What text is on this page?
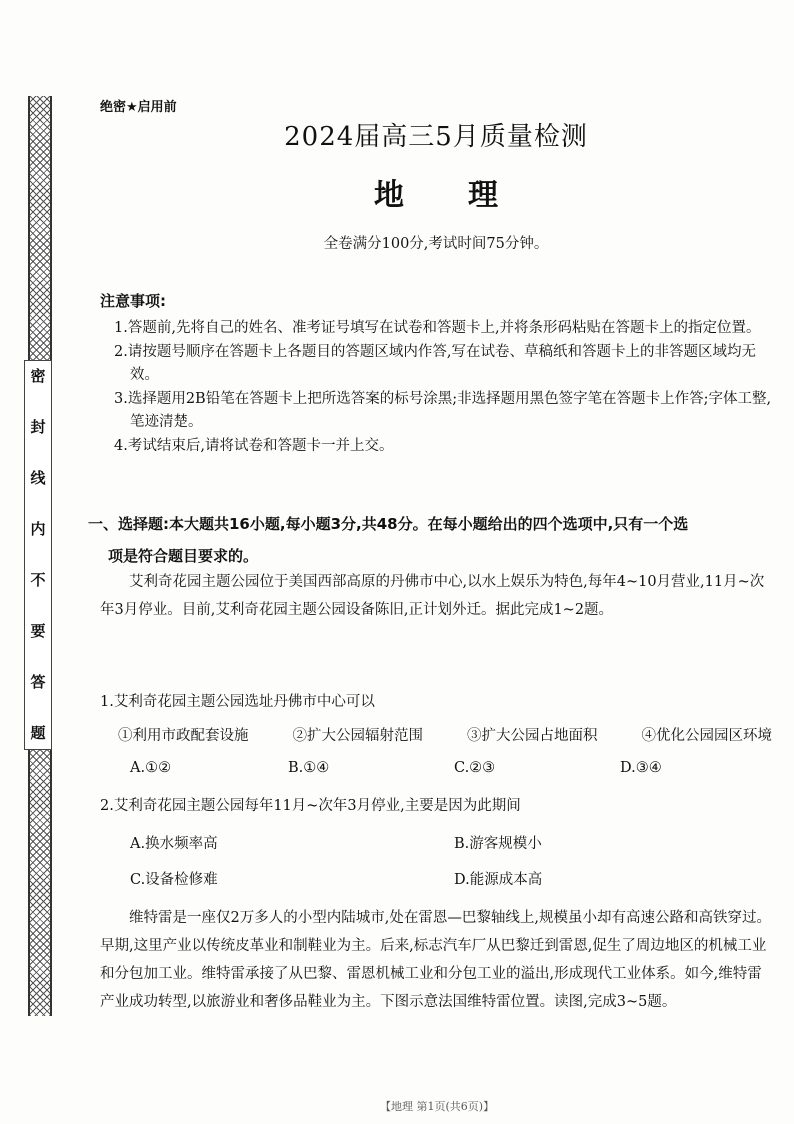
密
封
线
内
不
要
答
题
绝密★启用前
2024届高三5月质量检测
地理
全卷满分100分,考试时间75分钟。
注意事项:
1.答题前,先将自己的姓名、准考证号填写在试卷和答题卡上,并将条形码粘贴在答题卡上的指定位置。
2.请按题号顺序在答题卡上各题目的答题区域内作答,写在试卷、草稿纸和答题卡上的非答题区域均无效。
3.选择题用2B铅笔在答题卡上把所选答案的标号涂黑;非选择题用黑色签字笔在答题卡上作答;字体工整,笔迹清楚。
4.考试结束后,请将试卷和答题卡一并上交。
一、选择题:本大题共16小题,每小题3分,共48分。在每小题给出的四个选项中,只有一个选
项是符合题目要求的。
艾利奇花园主题公园位于美国西部高原的丹佛市中心,以水上娱乐为特色,每年4~10月营业,11月~次年3月停业。目前,艾利奇花园主题公园设备陈旧,正计划外迁。据此完成1~2题。
1.艾利奇花园主题公园选址丹佛市中心可以
①利用市政配套设施	②扩大公园辐射范围	③扩大公园占地面积	④优化公园园区环境
A.①②	B.①④	C.②③	D.③④
2.艾利奇花园主题公园每年11月~次年3月停业,主要是因为此期间
A.换水频率高	B.游客规模小
C.设备检修难	D.能源成本高
维特雷是一座仅2万多人的小型内陆城市,处在雷恩—巴黎轴线上,规模虽小却有高速公路和高铁穿过。早期,这里产业以传统皮革业和制鞋业为主。后来,标志汽车厂从巴黎迁到雷恩,促生了周边地区的机械工业和分包加工业。维特雷承接了从巴黎、雷恩机械工业和分包工业的溢出,形成现代工业体系。如今,维特雷产业成功转型,以旅游业和奢侈品鞋业为主。下图示意法国维特雷位置。读图,完成3~5题。
【地理 第1页(共6页)】
